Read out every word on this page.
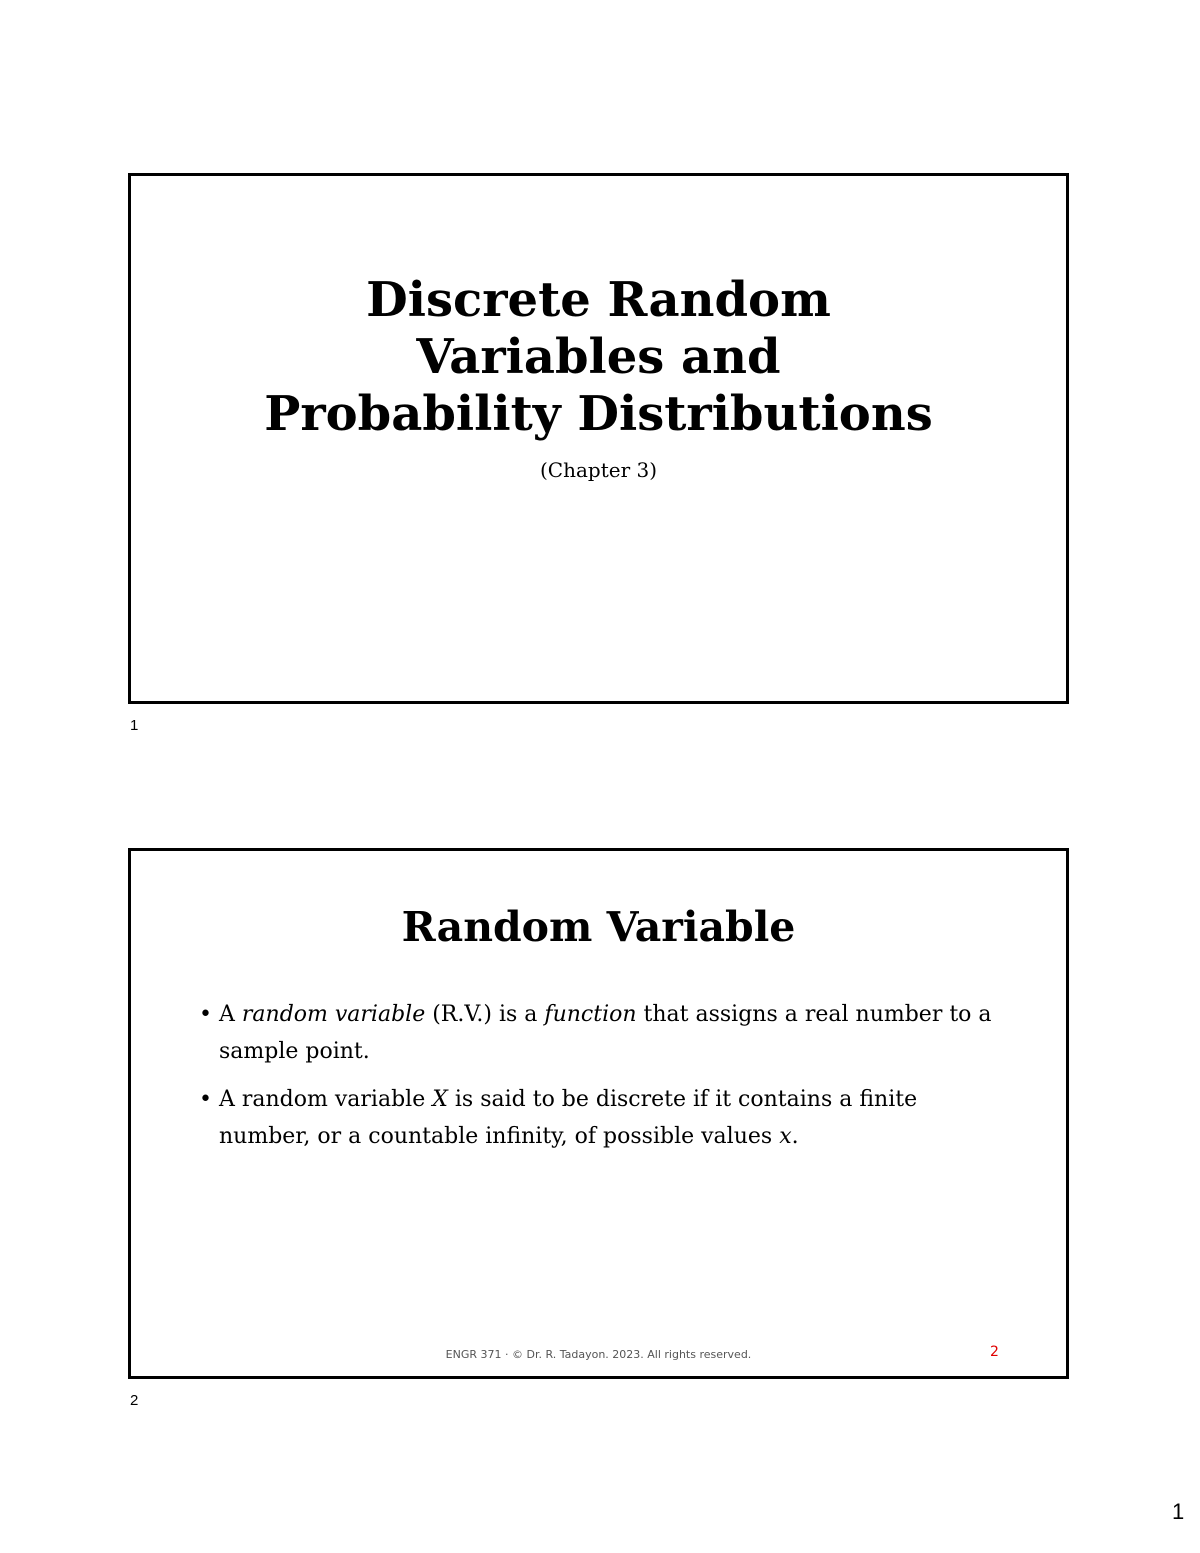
Discrete Random
Variables and
Probability Distributions
(Chapter 3)
1
Random Variable
• A random variable (R.V.) is a function that assigns a real number to a sample point.
• A random variable X is said to be discrete if it contains a finite number, or a countable infinity, of possible values x.
ENGR 371 · © Dr. R. Tadayon. 2023. All rights reserved.	2
2
1
